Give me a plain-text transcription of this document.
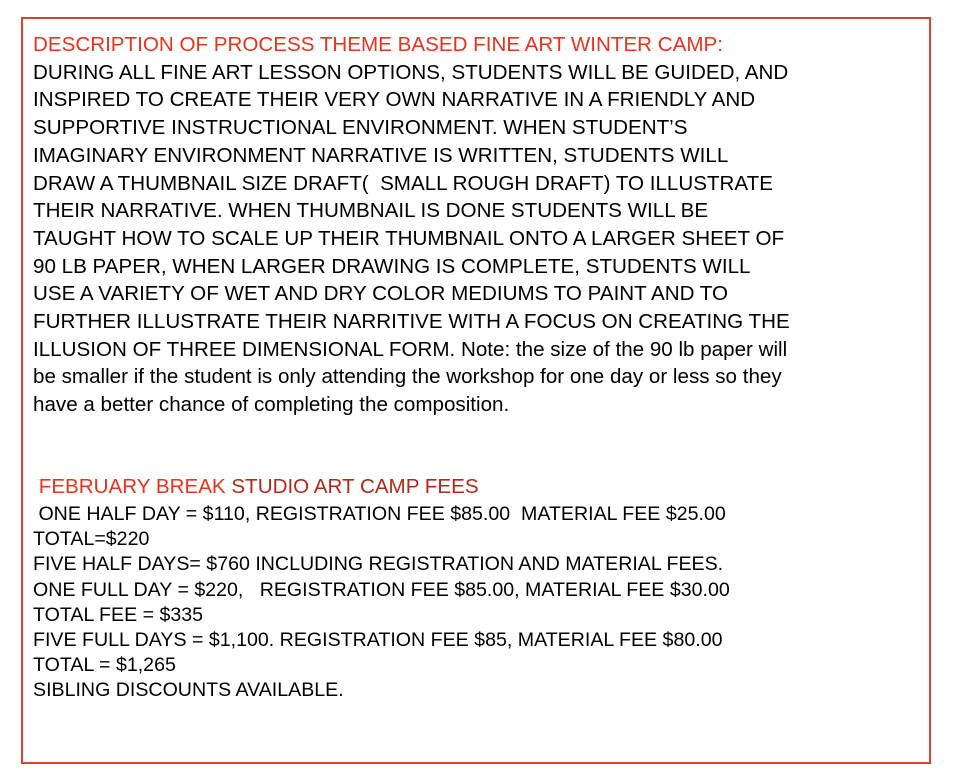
DESCRIPTION OF PROCESS THEME BASED FINE ART WINTER CAMP:
DURING ALL FINE ART LESSON OPTIONS, STUDENTS WILL BE GUIDED, AND
INSPIRED TO CREATE THEIR VERY OWN NARRATIVE IN A FRIENDLY AND
SUPPORTIVE INSTRUCTIONAL ENVIRONMENT. WHEN STUDENT’S
IMAGINARY ENVIRONMENT NARRATIVE IS WRITTEN, STUDENTS WILL
DRAW A THUMBNAIL SIZE DRAFT(  SMALL ROUGH DRAFT) TO ILLUSTRATE
THEIR NARRATIVE. WHEN THUMBNAIL IS DONE STUDENTS WILL BE
TAUGHT HOW TO SCALE UP THEIR THUMBNAIL ONTO A LARGER SHEET OF
90 LB PAPER, WHEN LARGER DRAWING IS COMPLETE, STUDENTS WILL
USE A VARIETY OF WET AND DRY COLOR MEDIUMS TO PAINT AND TO
FURTHER ILLUSTRATE THEIR NARRITIVE WITH A FOCUS ON CREATING THE
ILLUSION OF THREE DIMENSIONAL FORM. Note: the size of the 90 lb paper will
be smaller if the student is only attending the workshop for one day or less so they
have a better chance of completing the composition.
FEBRUARY BREAK STUDIO ART CAMP FEES
ONE HALF DAY = $110, REGISTRATION FEE $85.00  MATERIAL FEE $25.00
TOTAL=$220
FIVE HALF DAYS= $760 INCLUDING REGISTRATION AND MATERIAL FEES.
ONE FULL DAY = $220,   REGISTRATION FEE $85.00, MATERIAL FEE $30.00
TOTAL FEE = $335
FIVE FULL DAYS = $1,100. REGISTRATION FEE $85, MATERIAL FEE $80.00
TOTAL = $1,265
SIBLING DISCOUNTS AVAILABLE.
